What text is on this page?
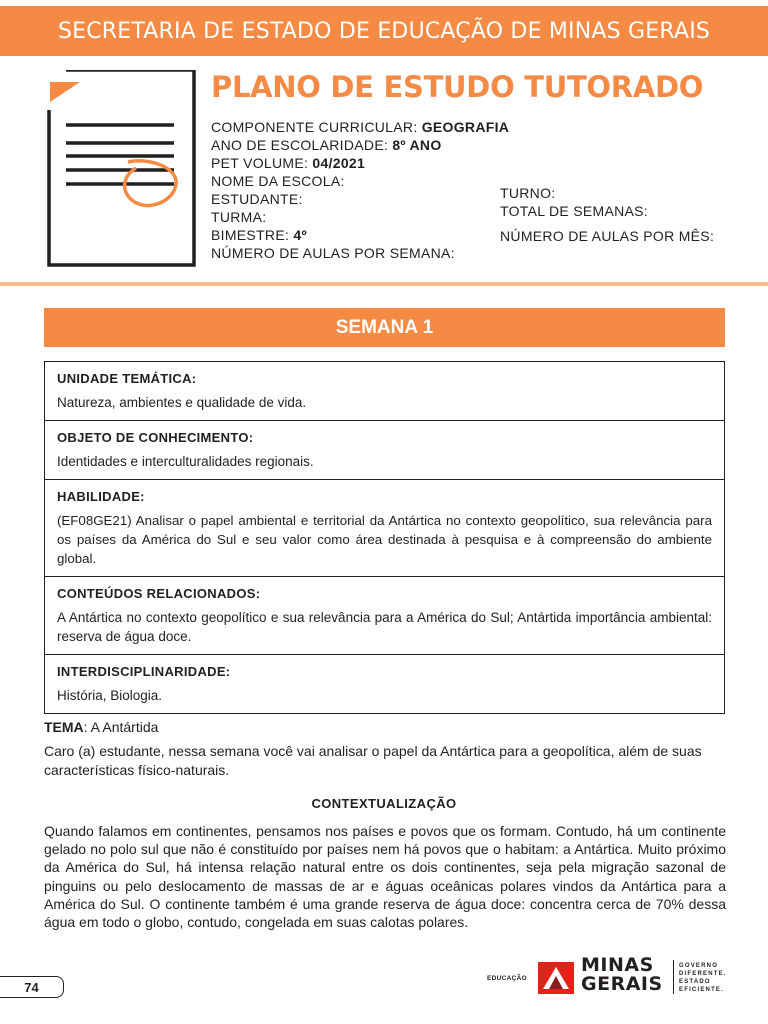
SECRETARIA DE ESTADO DE EDUCAÇÃO DE MINAS GERAIS
PLANO DE ESTUDO TUTORADO
COMPONENTE CURRICULAR: GEOGRAFIA
ANO DE ESCOLARIDADE: 8º ANO
PET VOLUME: 04/2021
NOME DA ESCOLA:
ESTUDANTE:
TURMA:
BIMESTRE: 4º
NÚMERO DE AULAS POR SEMANA:
TURNO:
TOTAL DE SEMANAS:
NÚMERO DE AULAS POR MÊS:
SEMANA 1
UNIDADE TEMÁTICA:
Natureza, ambientes e qualidade de vida.
OBJETO DE CONHECIMENTO:
Identidades e interculturalidades regionais.
HABILIDADE:
(EF08GE21) Analisar o papel ambiental e territorial da Antártica no contexto geopolítico, sua relevância para os países da América do Sul e seu valor como área destinada à pesquisa e à compreensão do ambiente global.
CONTEÚDOS RELACIONADOS:
A Antártica no contexto geopolítico e sua relevância para a América do Sul; Antártida importância ambiental: reserva de água doce.
INTERDISCIPLINARIDADE:
História, Biologia.
TEMA: A Antártida
Caro (a) estudante, nessa semana você vai analisar o papel da Antártica para a geopolítica, além de suas características físico-naturais.
CONTEXTUALIZAÇÃO
Quando falamos em continentes, pensamos nos países e povos que os formam. Contudo, há um continente gelado no polo sul que não é constituído por países nem há povos que o habitam: a Antártica. Muito próximo da América do Sul, há intensa relação natural entre os dois continentes, seja pela migração sazonal de pinguins ou pelo deslocamento de massas de ar e águas oceânicas polares vindos da Antártica para a América do Sul. O continente também é uma grande reserva de água doce: concentra cerca de 70% dessa água em todo o globo, contudo, congelada em suas calotas polares.
74
EDUCAÇÃO
MINAS
GERAIS
GOVERNO
DIFERENTE.
ESTADO
EFICIENTE.
